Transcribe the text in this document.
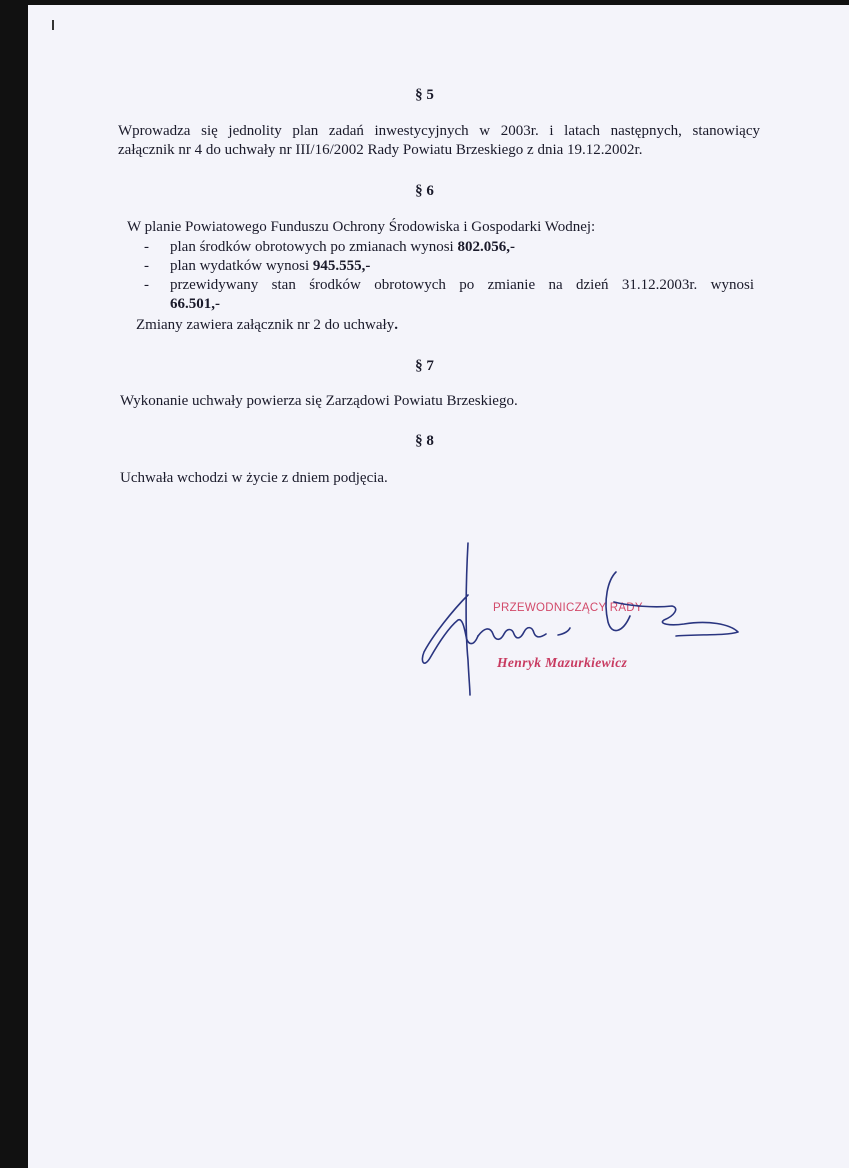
§ 5

Wprowadza się jednolity plan zadań inwestycyjnych w 2003r. i latach następnych, stanowiący

załącznik nr 4 do uchwały nr III/16/2002 Rady Powiatu Brzeskiego z dnia 19.12.2002r.

§ 6

W planie Powiatowego Funduszu Ochrony Środowiska i Gospodarki Wodnej:

- plan środków obrotowych po zmianach wynosi 802.056,-
- plan wydatków wynosi 945.555,-
- przewidywany stan środków obrotowych po zmianie na dzień 31.12.2003r. wynosi
66.501,-

Zmiany zawiera załącznik nr 2 do uchwały.

§ 7

Wykonanie uchwały powierza się Zarządowi Powiatu Brzeskiego.

§ 8

Uchwała wchodzi w życie z dniem podjęcia.

PRZEWODNICZĄCY RADY
Henryk Mazurkiewicz
